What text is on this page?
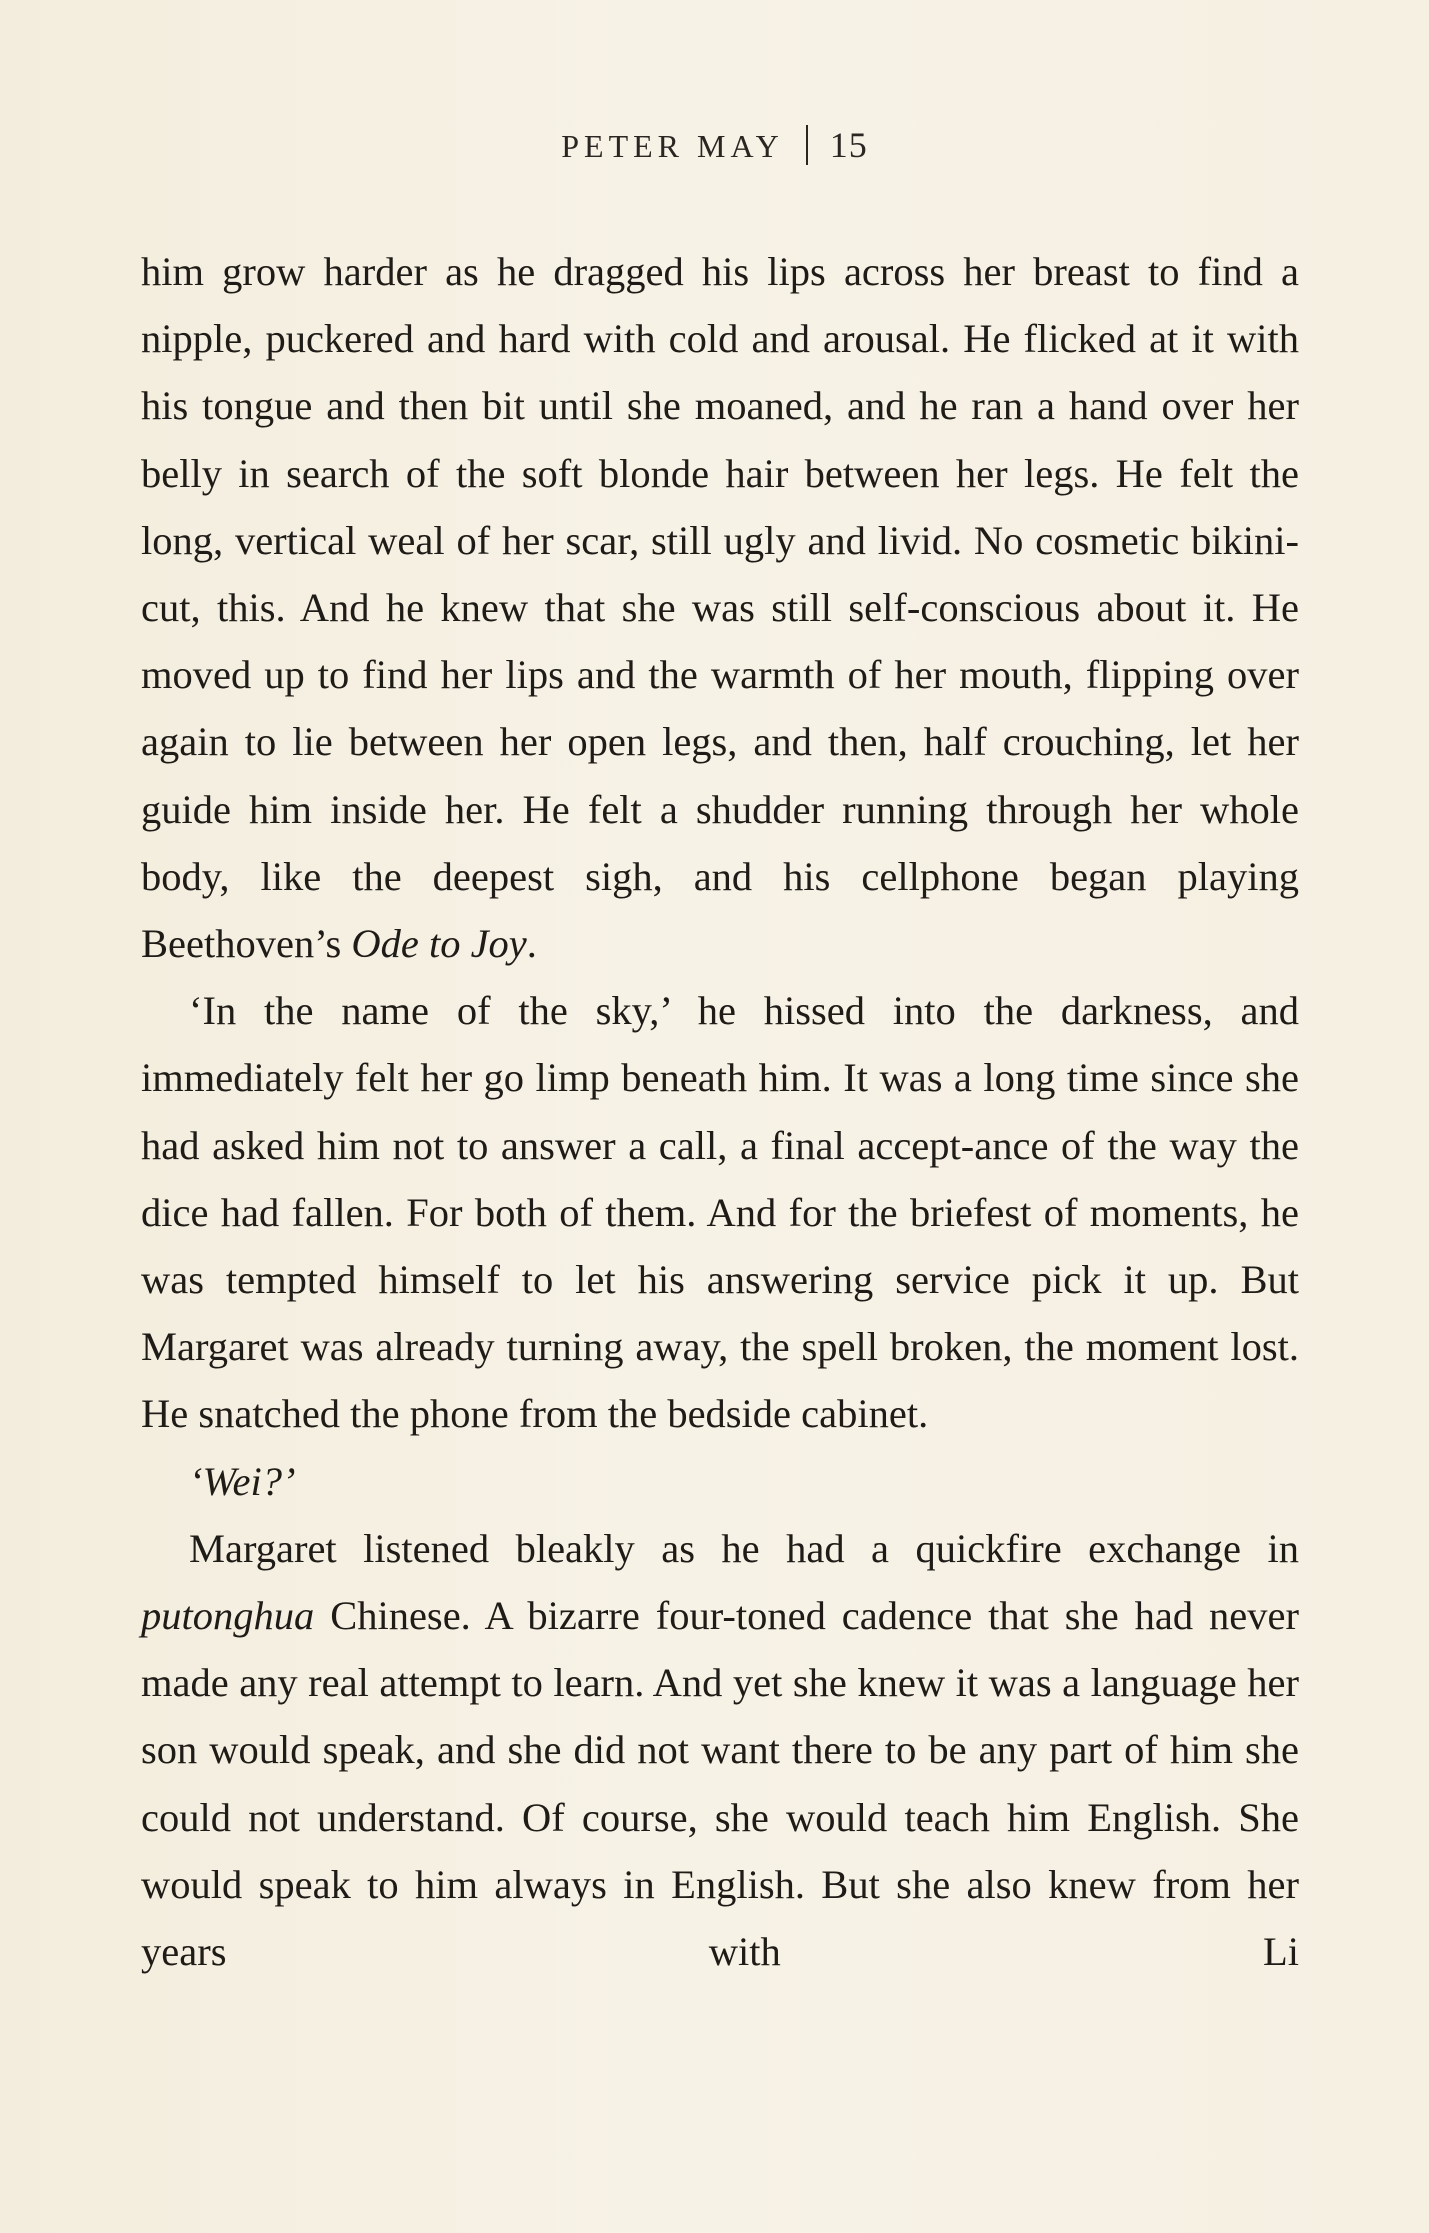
PETER MAY 15

him grow harder as he dragged his lips across her breast to find a nipple, puckered and hard with cold and arousal. He flicked at it with his tongue and then bit until she moaned, and he ran a hand over her belly in search of the soft blonde hair between her legs. He felt the long, vertical weal of her scar, still ugly and livid. No cosmetic bikini-cut, this. And he knew that she was still self-conscious about it. He moved up to find her lips and the warmth of her mouth, flipping over again to lie between her open legs, and then, half crouching, let her guide him inside her. He felt a shudder running through her whole body, like the deepest sigh, and his cellphone began playing Beethoven’s Ode to Joy.

‘In the name of the sky,’ he hissed into the darkness, and immediately felt her go limp beneath him. It was a long time since she had asked him not to answer a call, a final accept-ance of the way the dice had fallen. For both of them. And for the briefest of moments, he was tempted himself to let his answering service pick it up. But Margaret was already turning away, the spell broken, the moment lost. He snatched the phone from the bedside cabinet.

‘Wei?’

Margaret listened bleakly as he had a quickfire exchange in putonghua Chinese. A bizarre four-toned cadence that she had never made any real attempt to learn. And yet she knew it was a language her son would speak, and she did not want there to be any part of him she could not understand. Of course, she would teach him English. She would speak to him always in English. But she also knew from her years with Li
